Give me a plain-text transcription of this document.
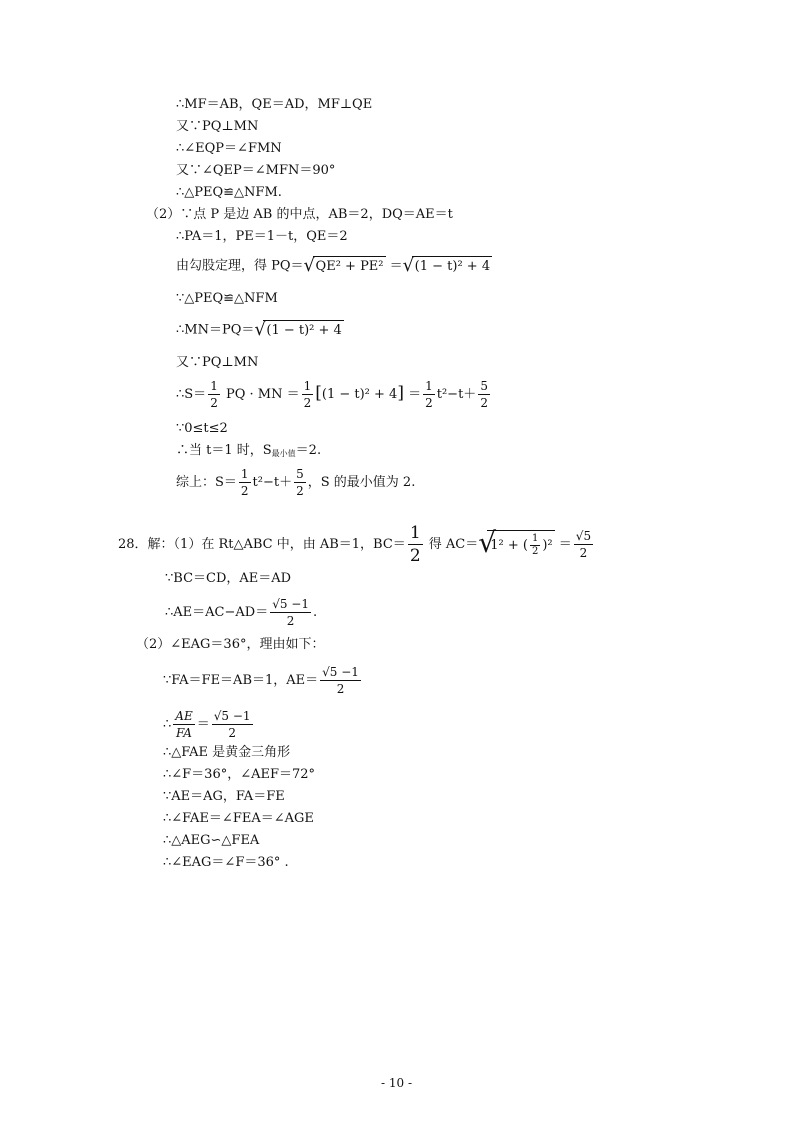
∴MF＝AB，QE＝AD，MF⊥QE
又∵PQ⊥MN
∴∠EQP＝∠FMN
又∵∠QEP＝∠MFN＝90°
∴△PEQ≌△NFM.
（2）∵点 P 是边 AB 的中点，AB＝2，DQ＝AE＝t
∴PA＝1，PE＝1－t，QE＝2
由勾股定理，得 PQ＝ √ QE² + PE² ＝ √ (1 − t)² + 4
∵△PEQ≌△NFM
∴MN＝PQ＝ √ (1 − t)² + 4
又∵PQ⊥MN
∴S＝ $\frac{1}{2}$ PQ · MN ＝ $\frac{1}{2} [(1 - t)^2 + 4] = \frac{1}{2} t^2-t+ \frac{5}{2}$
∵0≤t≤2
∴当 t＝1 时，$S_{最小值}=2$.
综上：$S= \frac{1}{2} t^2-t+ \frac{5}{2}$ ，S 的最小值为 2.
28．解：（1）在 Rt△ABC 中，由 AB＝1，$BC= \frac{1}{2}$ 得 AC＝ √
1² + ( $\frac{1}{2} )^2 = \frac{√5}{2}$
∵BC＝CD，AE＝AD
∴AE＝AC−AD＝ $\frac{√5 -1}{2}$ .
（2）∠EAG＝36°，理由如下：
∵FA＝FE＝AB＝1，$AE= \frac{√5 -1}{2}$
∴ $\frac{AE}{FA} = \frac{√5 -1}{2}$
∴△FAE 是黄金三角形
∴∠F＝36°，∠AEF＝72°
∵AE＝AG，FA＝FE
∴∠FAE＝∠FEA＝∠AGE
∴△AEG∽△FEA
∴∠EAG＝∠F＝36° .
- 10 -
